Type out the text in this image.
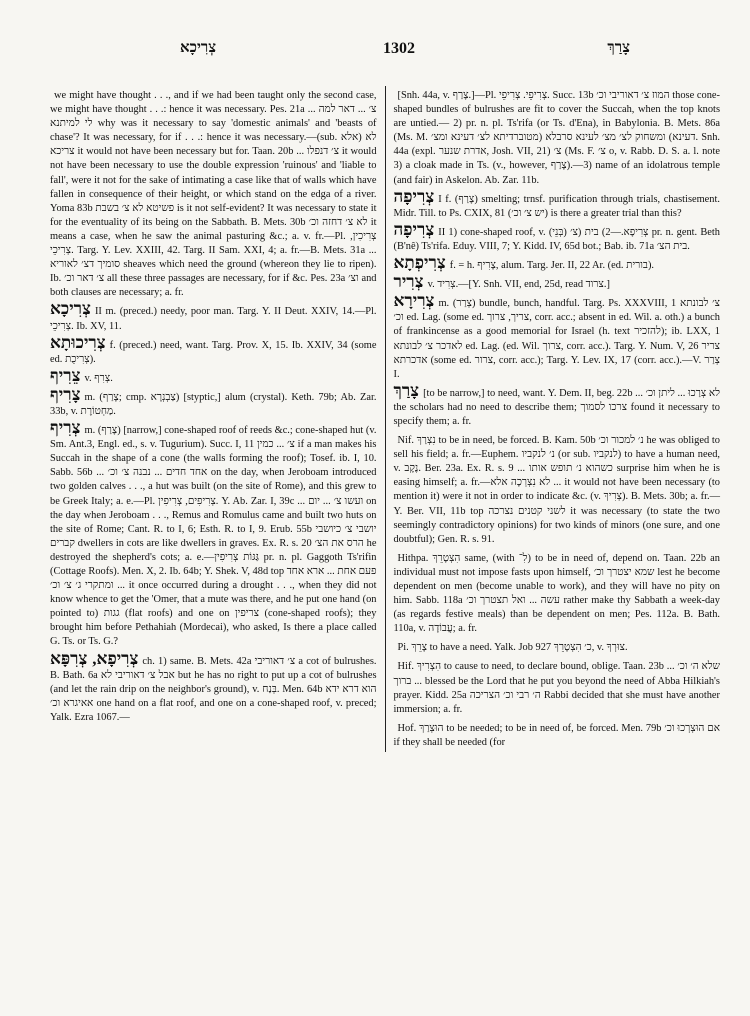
צְרִיכָא	1302	צָרַךְ

we might have thought . . ., and if we had been taught only the second case, we might have thought . . .: hence it was necessary. Pes. 21a ... צ׳ ... דאר למה לי למיתנא why was it necessary to say 'domestic animals' and 'beasts of chase'? It was necessary, for if . . .: hence it was necessary.—(sub. אלא) לא צריכא it would not have been necessary but for. Taan. 20b ... צ׳ דנפלו it would not have been necessary to use the double expression 'ruinous' and 'liable to fall', were it not for the sake of intimating a case like that of walls which have fallen in consequence of their height, or which stand on the edga of a river. Yoma 83b פשיטא לא צ׳ בשבת is it not self-evident? It was necessary to state it for the eventuality of its being on the Sabbath. B. Mets. 30b לא צ׳ דחזה וכ׳ it means a case, when he saw the animal pasturing &c.; a. v. fr.—Pl. צְרִיכִין, צְרִיכֵי. Targ. Y. Lev. XXIII, 42. Targ. II Sam. XXI, 4; a. fr.—B. Mets. 31a ... סומיך דצ׳ לאוריא sheaves which need the ground (whereon they lie to ripen). Ib. צ׳ דאר וכ׳ all these three passages are necessary, for if &c. Pes. 23a וצ׳ and both clauses are necessary; a. fr.

צְרִיכָא II m. (preced.) needy, poor man. Targ. Y. II Deut. XXIV, 14.—Pl. צְרִיכֵי. Ib. XV, 11.

צְרִיכוּתָא f. (preced.) need, want. Targ. Prov. X, 15. Ib. XXIV, 34 (some ed. צְרִיכֻת).

צֵרִיף v. צְרִף.

צָרִיף m. (צָרַף; cmp. צַבְנְרָא) [styptic,] alum (crystal). Keth. 79b; Ab. Zar. 33b, v. מַחְטוֹרֶת.

צְרִיף m. (צָרַף) [narrow,] cone-shaped roof of reeds &c.; cone-shaped hut (v. Sm. Ant.3, Engl. ed., s. v. Tugurium). Succ. I, 11 צ׳ ... כמין if a man makes his Succah in the shape of a cone (the walls forming the roof); Tosef. ib. I, 10. Sabb. 56b ... אחד חדים ... נבנה צ׳ וכ׳ on the day, when Jeroboam introduced two golden calves . . ., a hut was built (on the site of Rome), and this grew to be Greek Italy; a. e.—Pl. צְרִיפִים, צְרִיפִין. Y. Ab. Zar. I, 39c ... ועשו צ׳ ... יום on the day when Jeroboam . . ., Remus and Romulus came and built two huts on the site of Rome; Cant. R. to I, 6; Esth. R. to I, 9. Erub. 55b יושבי צ׳ כיושבי קברים dwellers in cots are like dwellers in graves. Ex. R. s. 20 הרס את הצ׳ he destroyed the shepherd's cots; a. e.—גַּגּוֹת צְרִיפִין pr. n. pl. Gaggoth Ts'rifin (Cottage Roofs). Men. X, 2. Ib. 64b; Y. Shek. V, 48d top פעם אחת ... ארא אחד ומתקרי ג׳ צ׳ וכ׳ ... it once occurred during a drought . . ., when they did not know whence to get the 'Omer, that a mute was there, and he put one hand (on pointed to) גגות (flat roofs) and one on צריפין (cone-shaped roofs); they brought him before Pethahiah (Mordecai), who asked, Is there a place called G. Ts. or Ts. G.?

צְרִיפָא, צְרִפָּא ch. 1) same. B. Mets. 42a צ׳ דאוריבי a cot of bulrushes. B. Bath. 6a אבל צ׳ דאוריבי לא but he has no right to put up a cot of bulrushes (and let the rain drip on the neighbor's ground), v. בְּנַח. Men. 64b הוא דרא ידא אאיגרא וכ׳ one hand on a flat roof, and one on a cone-shaped roof, v. preced; Yalk. Ezra 1067.—

[Snh. 44a, v. צָרַף.]—Pl. צְרִיפֵי. צְרִיפֵי. Succ. 13b המוז צ׳ דאוריבי וכ׳ those cone-shaped bundles of bulrushes are fit to cover the Succah, when the top knots are untied.— 2) pr. n. pl. Ts'rifa (or Ts. d'Ena), in Babylonia. B. Mets. 86a (Ms. M. מטוברדיתא לצ׳ דעינא ומצ׳) ומשחוק לצ׳ מצ׳ לעינא סרבלא (דעינא. Snh. 44a (expl. אדרת שנער, Josh. VII, 21) צ׳ (Ms. F. צ׳ o, v. Rabb. D. S. a. l. note 3) a cloak made in Ts. (v., however, צָרַף).—3) name of an idolatrous temple (and fair) in Askelon. Ab. Zar. 11b.

צְרִיפָה I f. (צָרַף) smelting; trnsf. purification through trials, chastisement. Midr. Till. to Ps. CXIX, 81 (יש צ׳ וכ׳) is there a greater trial than this?

צְרִיפָה II 1) cone-shaped roof, v. צְרִיפָא.—2) בית (צ׳ (בְּנֵי) pr. n. gent. Beth (B'nê) Ts'rifa. Eduy. VIII, 7; Y. Kidd. IV, 65d bot.; Bab. ib. 71a בית הצ׳.

צְרִיפְתָא f. = h. צָרִיף, alum. Targ. Jer. II, 22 Ar. (ed. בורית).

צְרִיר v. צְרִיד.—[Y. Snh. VII, end, 25d, read צרוד.]

צְרִירָא m. (צְרַר) bundle, bunch, handful. Targ. Ps. XXXVIII, 1 צ׳ לבונתא וכ׳ ed. Lag. (some ed. צריך, צרוך, corr. acc.; absent in ed. Wil. a. oth.) a bunch of frankincense as a good memorial for Israel (h. text להזכיר); ib. LXX, 1 לאדכר צ׳ לבונתא ed. Lag. (ed. Wil. צרוך, corr. acc.). Targ. Y. Num. V, 26 צריר אדכרתא (some ed. צרור, corr. acc.); Targ. Y. Lev. IX, 17 (corr. acc.).—V. צְרַר I.

צָרַךְ [to be narrow,] to need, want. Y. Dem. II, beg. 22b ... לא צְרַכוּ ... ליתן וכ׳ the scholars had no need to describe them; צרכו לסמוך found it necessary to specify them; a. fr.

Nif. נִצְרַךְ to be in need, be forced. B. Kam. 50b נ׳ למכור וכ׳ he was obliged to sell his field; a. fr.—Euphem. נ׳ לנקביו (or sub. לנקביו) to have a human need, v. נֶקֶב. Ber. 23a. Ex. R. s. 9 ... כשהוא נ׳ תופש אותו surprise him when he is easing himself; a. fr.—לא נִצְרְכָה אלא ... it would not have been necessary (to mention it) were it not in order to indicate &c. (v. צְרִיךְ). B. Mets. 30b; a. fr.—Y. Ber. VII, 11b top לשני קטנים נצרכה it was necessary (to state the two seemingly contradictory opinions) for two kinds of minors (one sure, and one doubtful); Gen. R. s. 91.

Hithpa. הִצְטָרֵךְ same, (with לִ־) to be in need of, depend on. Taan. 22b an individual must not impose fasts upon himself, שמא יצטרך וכ׳ lest he become dependent on men (become unable to work), and they will have no pity on him. Sabb. 118a עשה ... ואל תצטרך וכ׳ rather make thy Sabbath a week-day (as regards festive meals) than be dependent on men; Pes. 112a. B. Bath. 110a, v. עֲבוֹדָה; a. fr.

Pi. צָרֵךְ to have a need. Yalk. Job 927 כ׳ הִצְטָרֵךְ, v. צוּרְךָ.

Hif. הִצְרִיךְ to cause to need, to declare bound, oblige. Taan. 23b ... שלא ה׳ וכ׳ ... ברוך blessed be the Lord that he put you beyond the need of Abba Hilkiah's prayer. Kidd. 25a ה׳ רבי וכ׳ הצריכה Rabbi decided that she must have another immersion; a. fr.

Hof. הוּצְרַךְ to be needed; to be in need of, be forced. Men. 79b אם הוּצְרְכוּ וכ׳ if they shall be needed (for
